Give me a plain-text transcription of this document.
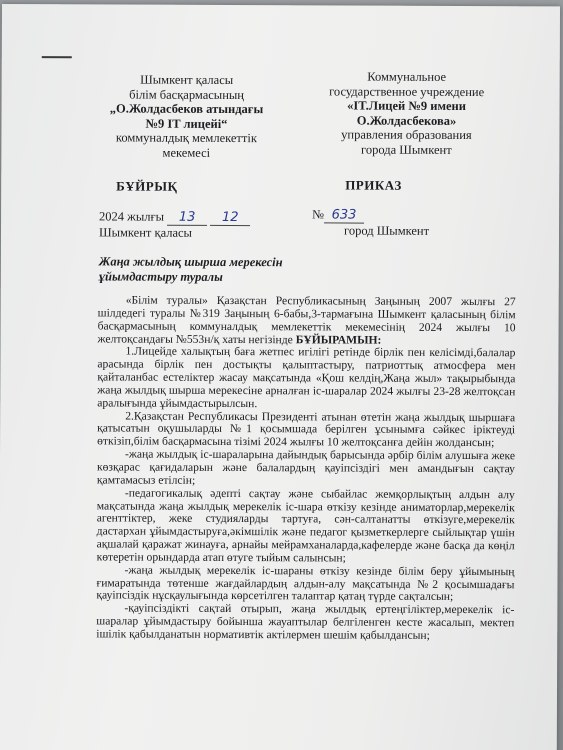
Шымкент қаласы
білім басқармасының
„О.Жолдасбеков атындағы
№9 IT лицейі“
коммуналдық мемлекеттік
мекемесі
Коммунальное
государственное учреждение
«IT.Лицей №9 имени
О.Жолдасбекова»
управления образования
города Шымкент
БҰЙРЫҚ	ПРИКАЗ
2024 жылғы 13 12
Шымкент қаласы
№ 633
город Шымкент
Жаңа жылдық шырша мерекесін
ұйымдастыру туралы

«Білім туралы» Қазақстан Республикасының Заңының 2007 жылғы 27 шілдедегі туралы №319 Заңының 6-бабы,3-тармағына Шымкент қаласының білім басқармасының коммуналдық мемлекеттік мекемесінің 2024 жылғы 10 желтоқсандағы №553н/қ хаты негізінде БҰЙЫРАМЫН:

1.Лицейде халықтың баға жетпес игілігі ретінде бірлік пен келісімді,балалар арасында бірлік пен достықты қалыптастыру, патриоттық атмосфера мен қайталанбас естеліктер жасау мақсатында «Қош келдің,Жаңа жыл» тақырыбында жаңа жылдық шырша мерекесіне арналған іс-шаралар 2024 жылғы 23-28 желтоқсан аралығында ұйымдастырылсын.

2.Қазақстан Республикасы Президенті атынан өтетін жаңа жылдық шыршаға қатысатын оқушыларды №1 қосымшада берілген ұсынымға сәйкес іріктеуді өткізіп,білім басқармасына тізімі 2024 жылғы 10 желтоқсанға дейін жолдансын;

-жаңа жылдық іс-шараларына дайындық барысында әрбір білім алушыға жеке көзқарас қағидаларын және балалардың қауіпсіздігі мен амандығын сақтау қамтамасыз етілсін;

-педагогикалық әдепті сақтау және сыбайлас жемқорлықтың алдын алу мақсатында жаңа жылдық мерекелік іс-шара өткізу кезінде аниматорлар,мерекелік агенттіктер, жеке студияларды тартуға, сән-салтанатты өткізуге,мерекелік дастархан ұйымдастыруға,әкімшілік және педагог қызметкерлерге сыйлықтар үшін ақшалай қаражат жинауға, арнайы мейрамханаларда,кафелерде және басқа да көңіл көтеретін орындарда атап өтуге тыйым салынсын;

-жаңа жылдық мерекелік іс-шараны өткізу кезінде білім беру ұйымының ғимаратында төтенше жағдайлардың алдын-алу мақсатында №2 қосымшадағы қауіпсіздік нұсқаулығында көрсетілген талаптар қатаң түрде сақталсын;

-қауіпсіздікті сақтай отырып, жаңа жылдық ертеңгіліктер,мерекелік іс-шаралар ұйымдастыру бойынша жауаптылар белгіленген кесте жасалып, мектеп ішілік қабылданатын нормативтік актілермен шешім қабылдансын;
